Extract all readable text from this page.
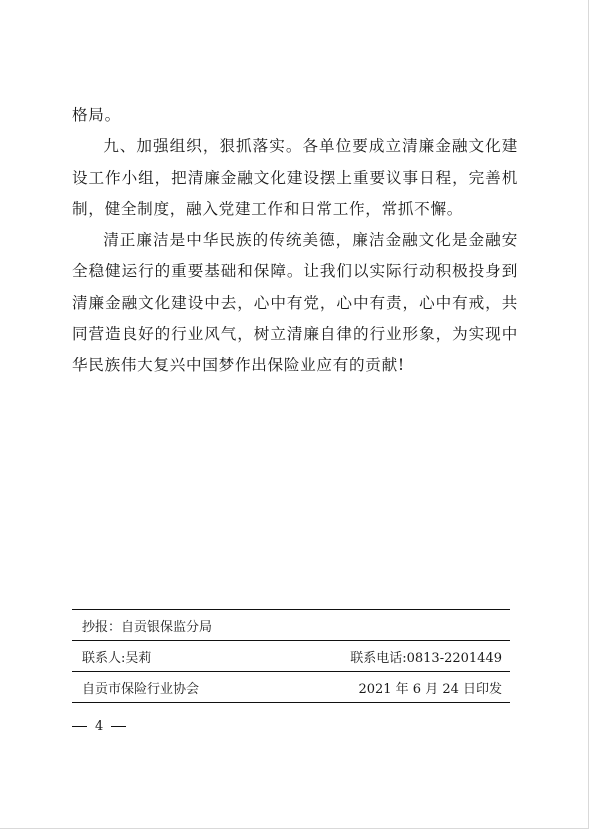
格局。

九、加强组织，狠抓落实。各单位要成立清廉金融文化建设工作小组，把清廉金融文化建设摆上重要议事日程，完善机制，健全制度，融入党建工作和日常工作，常抓不懈。

清正廉洁是中华民族的传统美德，廉洁金融文化是金融安全稳健运行的重要基础和保障。让我们以实际行动积极投身到清廉金融文化建设中去，心中有党，心中有责，心中有戒，共同营造良好的行业风气，树立清廉自律的行业形象，为实现中华民族伟大复兴中国梦作出保险业应有的贡献!

抄报：自贡银保监分局
联系人:吴莉	联系电话:0813-2201449
自贡市保险行业协会	2021 年 6 月 24 日印发
4
